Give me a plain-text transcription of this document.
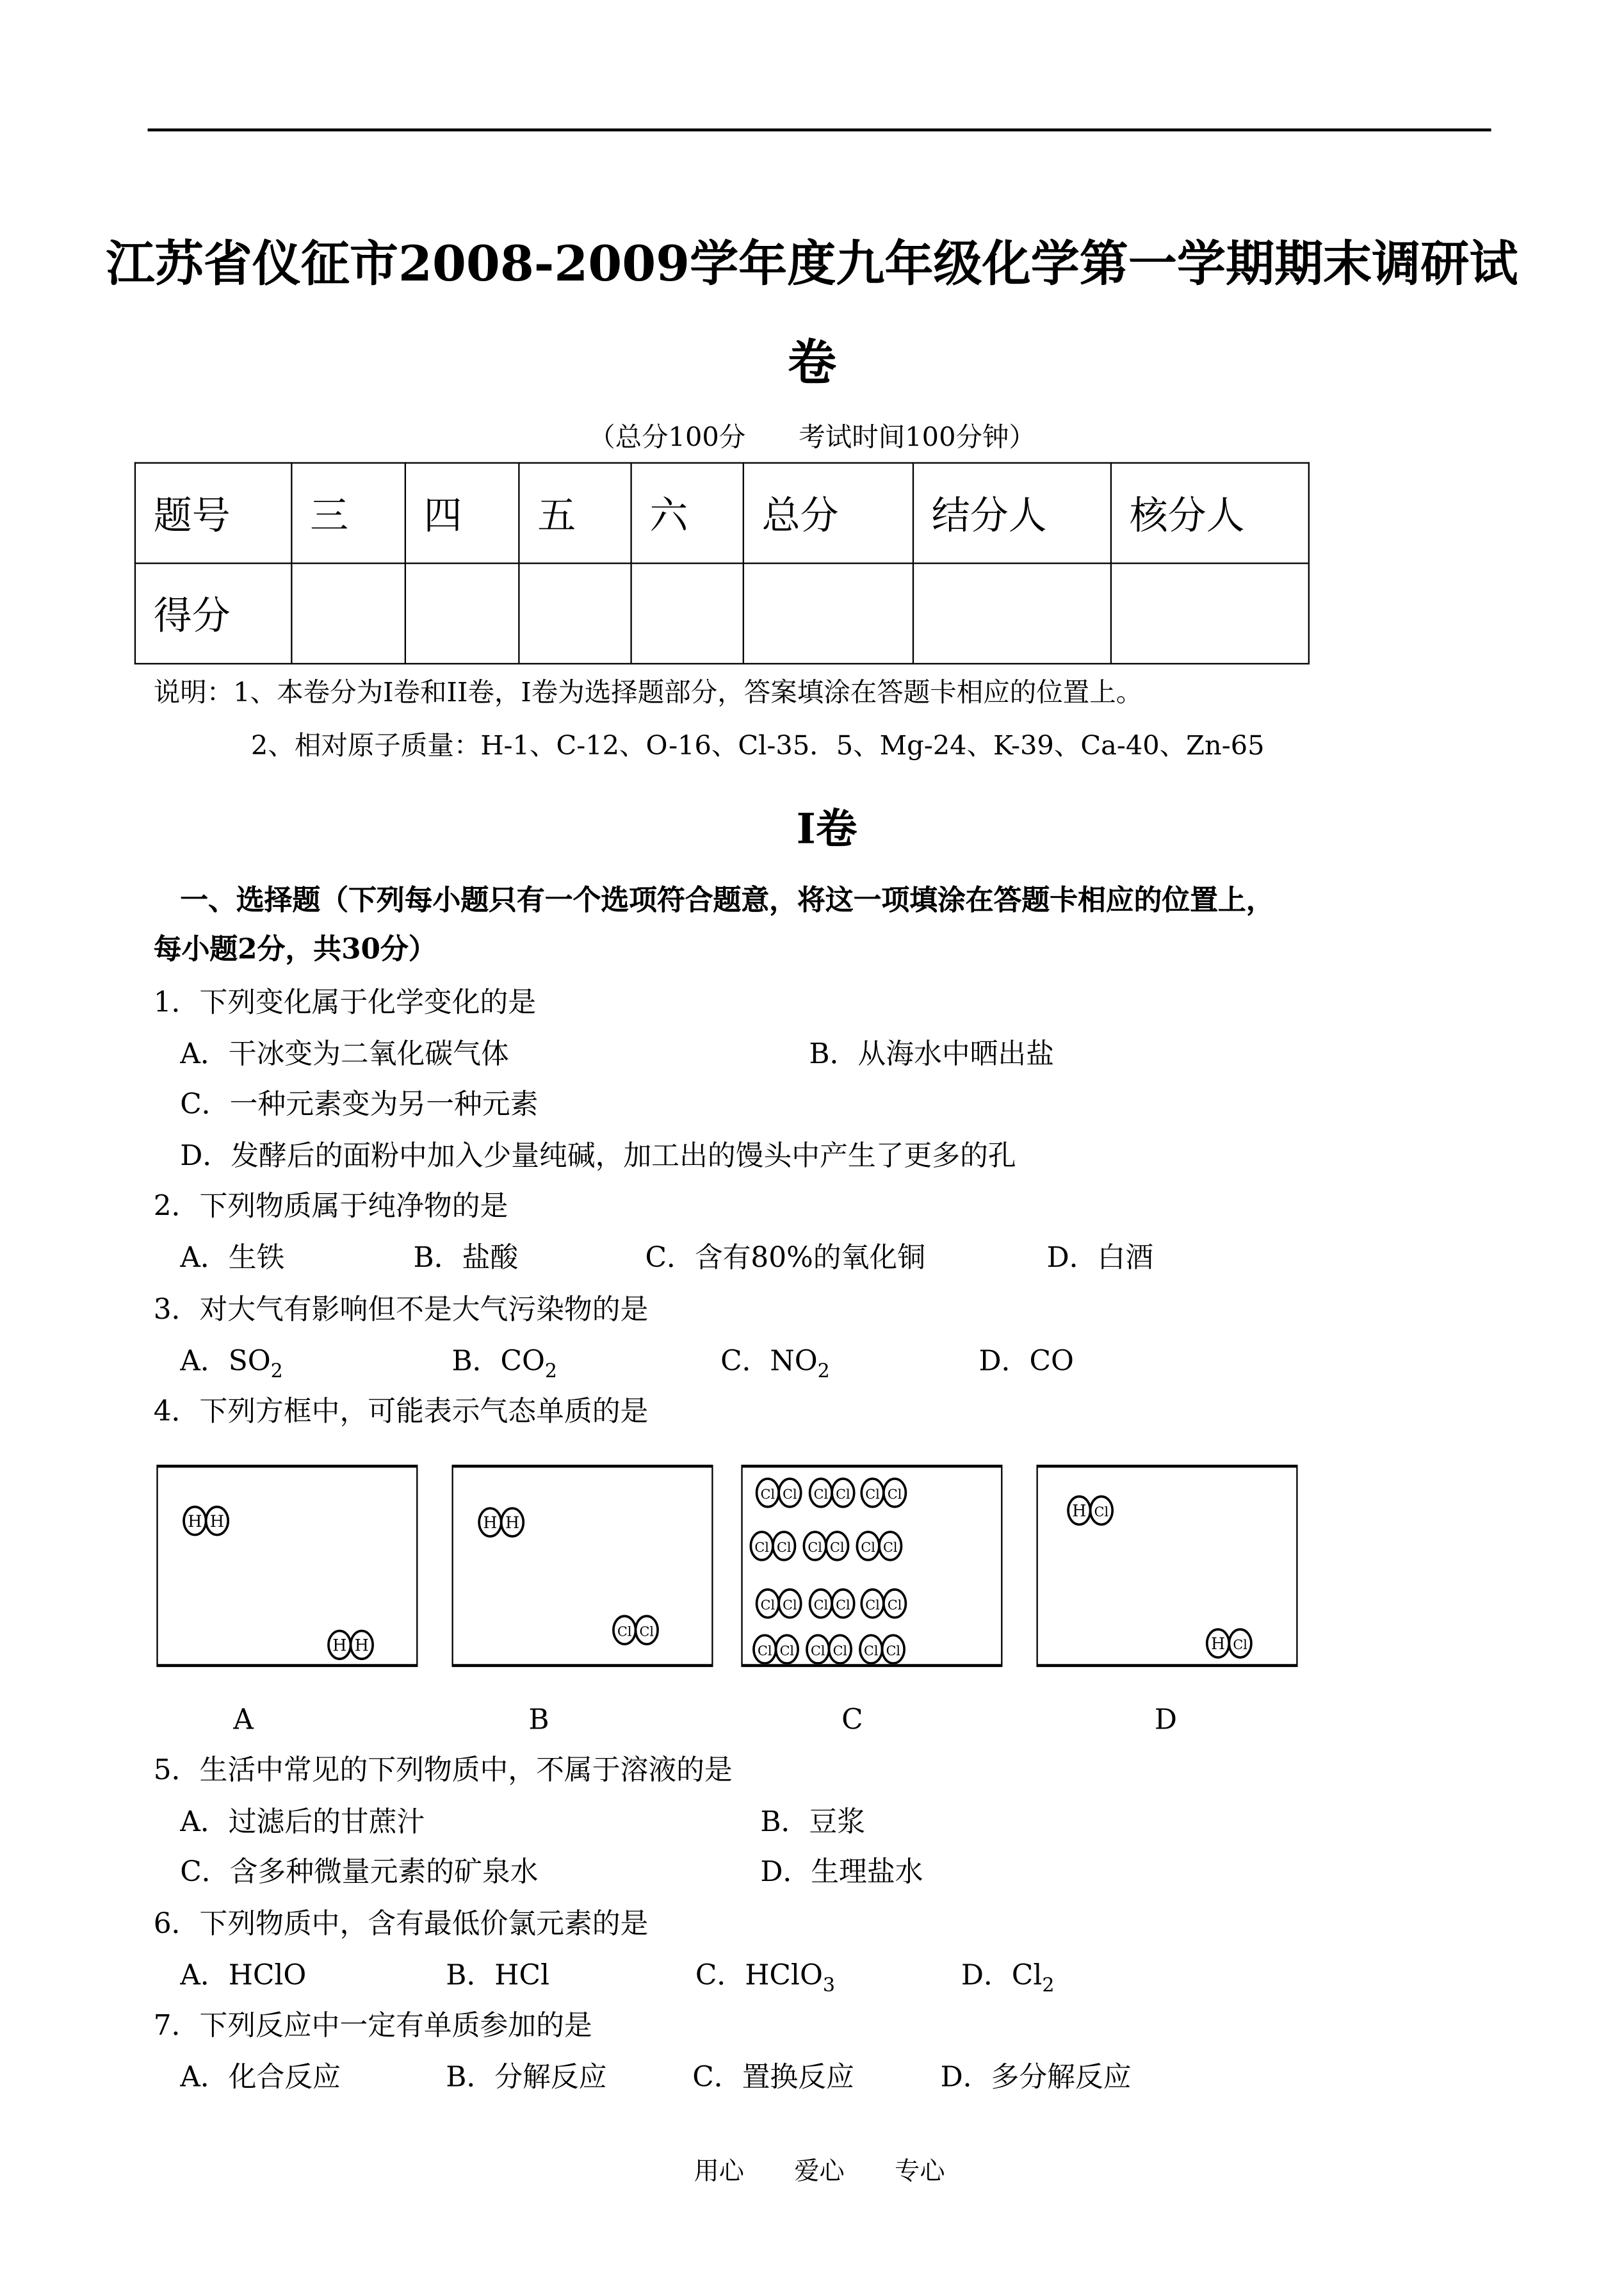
江苏省仪征市2008-2009学年度九年级化学第一学期期末调研试
卷
（总分100分　　考试时间100分钟）
题号	三	四	五	六	总分	结分人	核分人
得分							
说明：1、本卷分为I卷和II卷，I卷为选择题部分，答案填涂在答题卡相应的位置上。
2、相对原子质量：H-1、C-12、O-16、Cl-35．5、Mg-24、K-39、Ca-40、Zn-65
I卷
一、选择题（下列每小题只有一个选项符合题意，将这一项填涂在答题卡相应的位置上，
每小题2分，共30分）
1．下列变化属于化学变化的是
A．干冰变为二氧化碳气体	B．从海水中晒出盐
C．一种元素变为另一种元素
D．发酵后的面粉中加入少量纯碱，加工出的馒头中产生了更多的孔
2．下列物质属于纯净物的是
A．生铁	B．盐酸	C．含有80%的氧化铜	D．白酒
3．对大气有影响但不是大气污染物的是
A．$SO_2$	B．$CO_2$	C．$NO_2$	D．CO
4．下列方框中，可能表示气态单质的是
H H
H H
H H
Cl Cl
Cl Cl	Cl Cl	Cl Cl
Cl Cl	Cl Cl	Cl Cl
Cl Cl	Cl Cl	Cl Cl
Cl Cl	Cl Cl	Cl Cl
H Cl
H Cl
A	B	C	D
5．生活中常见的下列物质中，不属于溶液的是
A．过滤后的甘蔗汁	B．豆浆
C．含多种微量元素的矿泉水	D．生理盐水
6．下列物质中，含有最低价氯元素的是
A．HClO	B．HCl	C．HClO$_3$	D．$Cl_2$
7．下列反应中一定有单质参加的是
A．化合反应	B．分解反应	C．置换反应	D．多分解反应
用心　　爱心　　专心
